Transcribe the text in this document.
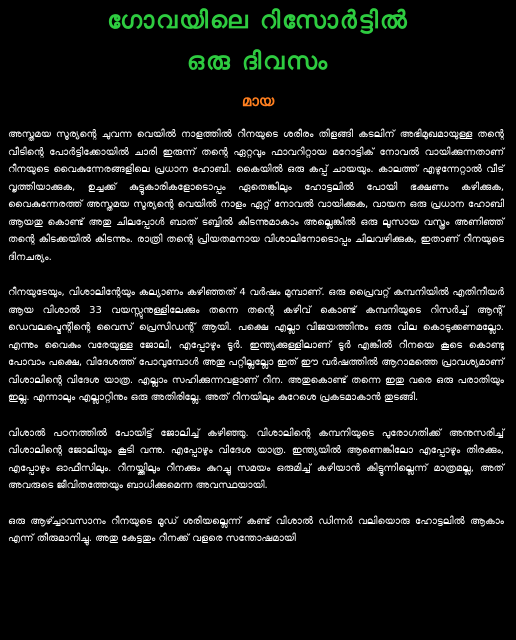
ഗോവയിലെ റിസോർട്ടിൽ
ഒരു ദിവസം
മായ

അസ്തമയ സൂര്യന്റെ ചുവന്ന വെയിൽ നാളത്തിൽ റീനയുടെ ശരീരം തിളങ്ങി കടലിന് അഭിമുഖമായുള്ള തന്റെ വീടിന്റെ പോർട്ടിക്കോയിൽ ചാരി ഇരുന്ന് തന്റെ ഏറ്റവും ഫാവറിറ്റായ മറോട്ടിക് നോവൽ വായിക്കുന്നതാണ് റീനയുടെ വൈകുന്നേരങ്ങളിലെ പ്രധാന ഹോബി. കൈയിൽ ഒരു കപ്പ് ചായയും. കാലത്ത് എഴുന്നേറ്റാൽ വീട് വൃത്തിയാക്കുക, ഉച്ചക്ക് കുട്ടുകാരികളോടൊപ്പം ഏതെങ്കിലും ഹോട്ടലിൽ പോയി ഭക്ഷണം കഴിക്കുക, വൈകുന്നേരത്ത് അസ്തമയ സൂര്യന്റെ വെയിൽ നാളം ഏറ്റ് നോവൽ വായിക്കുക, വായന ഒരു പ്രധാന ഹോബി ആയതു കൊണ്ട് അതു ചിലപ്പോൾ ബാത് ടബ്ബിൽ കിടന്നുമാകാം അല്ലെങ്കിൽ ഒരു ലൂസായ വസ്ത്രം അണിഞ്ഞ് തന്റെ കിടക്കയിൽ കിടന്നും. രാത്രി തന്റെ പ്രിയതമനായ വിശാലിനോടൊപ്പം ചിലവഴിക്കുക, ഇതാണ് റീനയുടെ ദിനചര്യം.

റീനയുടേയും, വിശാലിന്റേയും കല്യാണം കഴിഞ്ഞത് 4 വർഷം മുമ്പാണ്. ഒരു പ്രൈവറ്റ് കമ്പനിയിൽ എതിനീയർ ആയ വിശാൽ 33 വയസ്സുനുള്ളിലേക്കും തന്നെ തന്റെ കഴിവ് കൊണ്ട് കമ്പനിയുടെ റിസർച്ച് ആന്റ് ഡെവലപ്മെന്റിന്റെ വൈസ് പ്രെസിഡന്റ് ആയി. പക്ഷെ എല്ലാ വിജയത്തിനും ഒരു വില കൊടുക്കണമല്ലോ. എന്നും വൈകും വരേയുള്ള ജോലി, എപ്പോഴും ടൂർ. ഇന്ത്യക്കുള്ളിലാണ് ടൂർ എങ്കിൽ റീനയെ കൂടെ കൊണ്ടു പോവാം പക്ഷെ, വിദേശത്ത് പോവുമ്പോൾ അതു പറ്റില്ലല്ലോ ഇത് ഈ വർഷത്തിൽ ആറാമത്തെ പ്രാവശ്യമാണ് വിശാലിന്റെ വിദേശ യാത്ര. എല്ലാം സഹിക്കുന്നവളാണ് റീന. അതുകൊണ്ട് തന്നെ ഇതു വരെ ഒരു പരാതിയും ഇല്ല. എന്നാലും എല്ലാറ്റിനും ഒരു അതിരില്ലേ. അത് റീനയിലും കുറേശെ പ്രകടമാകാൻ തുടങ്ങി.

വിശാൽ പഠനത്തിൽ പോയിട്ട് ജോലിച്ച് കഴിഞ്ഞു. വിശാലിന്റെ കമ്പനിയുടെ പുരോഗതിക്ക് അനുസരിച്ച് വിശാലിന്റെ ജോലിയും കൂടി വന്നു. എപ്പോഴും വിദേശ യാത്ര. ഇന്ത്യയിൽ ആണെങ്കിലോ എപ്പോഴും തിരക്കും, എപ്പോഴും ഓഫീസിലും. റീനയ്ക്കിലും റീനക്കും കുറച്ചു സമയം ഒരുമിച്ച് കഴിയാൻ കിട്ടുന്നില്ലെന്ന് മാത്രമല്ല, അത് അവരുടെ ജീവിതത്തേയും ബാധിക്കുമെന്ന അവസ്ഥയായി.

ഒരു ആഴ്ച്ചാവസാനം റീനയുടെ മൂഡ് ശരിയല്ലെന്ന് കണ്ട് വിശാൽ ഡിന്നർ വലിയൊരു ഹോട്ടലിൽ ആകാം എന്ന് തീരുമാനിച്ചു. അതു കേട്ടതും റീനക്ക് വളരെ സന്തോഷമായി
